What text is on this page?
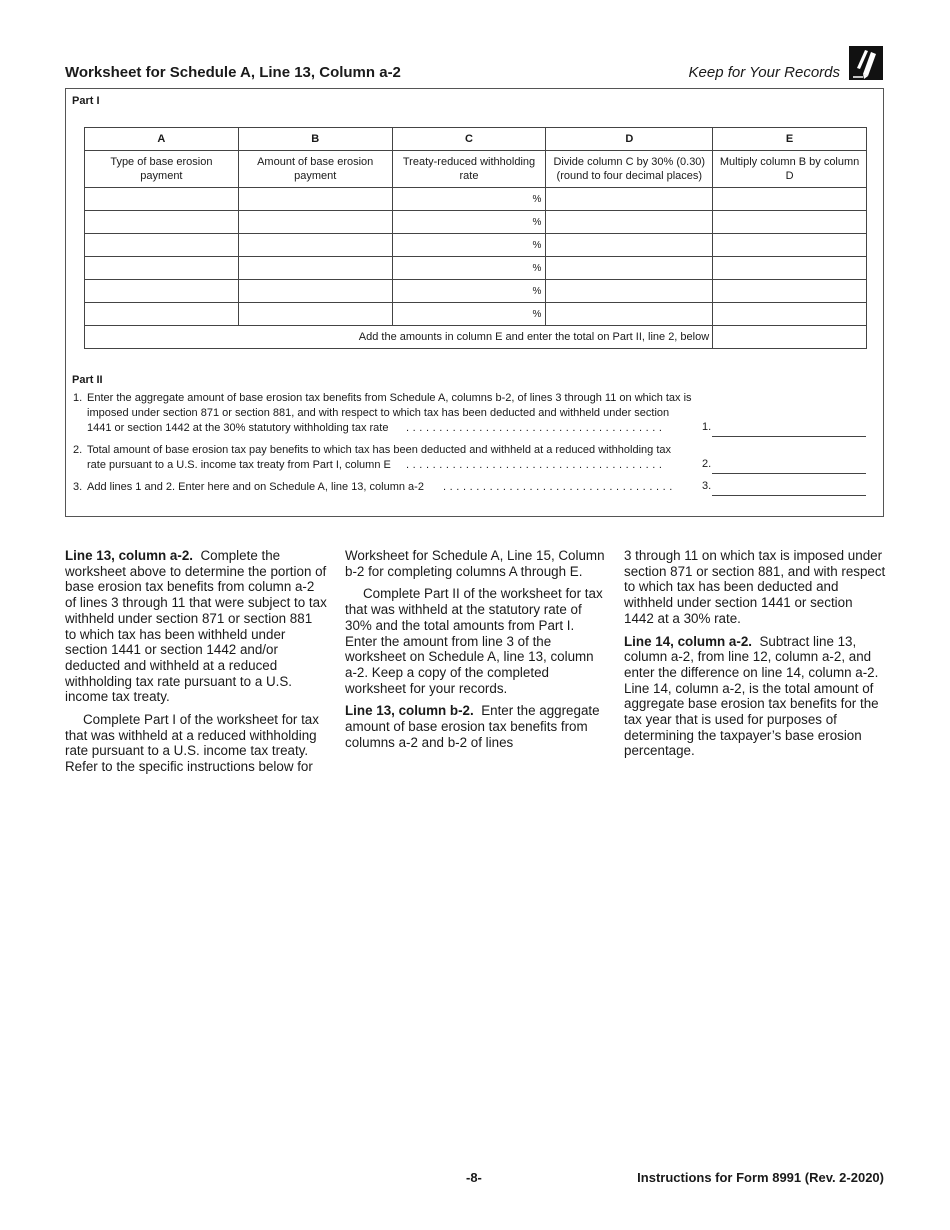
Worksheet for Schedule A, Line 13, Column a-2	Keep for Your Records
Part I
A	B	C	D	E
Type of base erosion payment	Amount of base erosion payment	Treaty-reduced withholding rate	Divide column C by 30% (0.30) (round to four decimal places)	Multiply column B by column D
		%		
		%		
		%		
		%		
		%		
		%		
Add the amounts in column E and enter the total on Part II, line 2, below				
Part II
1. Enter the aggregate amount of base erosion tax benefits from Schedule A, columns b-2, of lines 3 through 11 on which tax is
imposed under section 871 or section 881, and with respect to which tax has been deducted and withheld under section
1441 or section 1442 at the 30% statutory withholding tax rate .......................................	1.
2. Total amount of base erosion tax pay benefits to which tax has been deducted and withheld at a reduced withholding tax
rate pursuant to a U.S. income tax treaty from Part I, column E .......................................	2.
3. Add lines 1 and 2. Enter here and on Schedule A, line 13, column a-2 ................................... 3.

Line 13, column a-2. Complete the worksheet above to determine the portion of base erosion tax benefits from column a-2 of lines 3 through 11 that were subject to tax withheld under section 871 or section 881 to which tax has been withheld under section 1441 or section 1442 and/or deducted and withheld at a reduced withholding tax rate pursuant to a U.S. income tax treaty.

Complete Part I of the worksheet for tax that was withheld at a reduced withholding rate pursuant to a U.S. income tax treaty. Refer to the specific instructions below for

Worksheet for Schedule A, Line 15, Column b-2 for completing columns A through E.

Complete Part II of the worksheet for tax that was withheld at the statutory rate of 30% and the total amounts from Part I. Enter the amount from line 3 of the worksheet on Schedule A, line 13, column a-2. Keep a copy of the completed worksheet for your records.

Line 13, column b-2. Enter the aggregate amount of base erosion tax benefits from columns a-2 and b-2 of lines

3 through 11 on which tax is imposed under section 871 or section 881, and with respect to which tax has been deducted and withheld under section 1441 or section 1442 at a 30% rate.

Line 14, column a-2. Subtract line 13, column a-2, from line 12, column a-2, and enter the difference on line 14, column a-2. Line 14, column a-2, is the total amount of aggregate base erosion tax benefits for the tax year that is used for purposes of determining the taxpayer’s base erosion percentage.

-8-	Instructions for Form 8991 (Rev. 2-2020)
